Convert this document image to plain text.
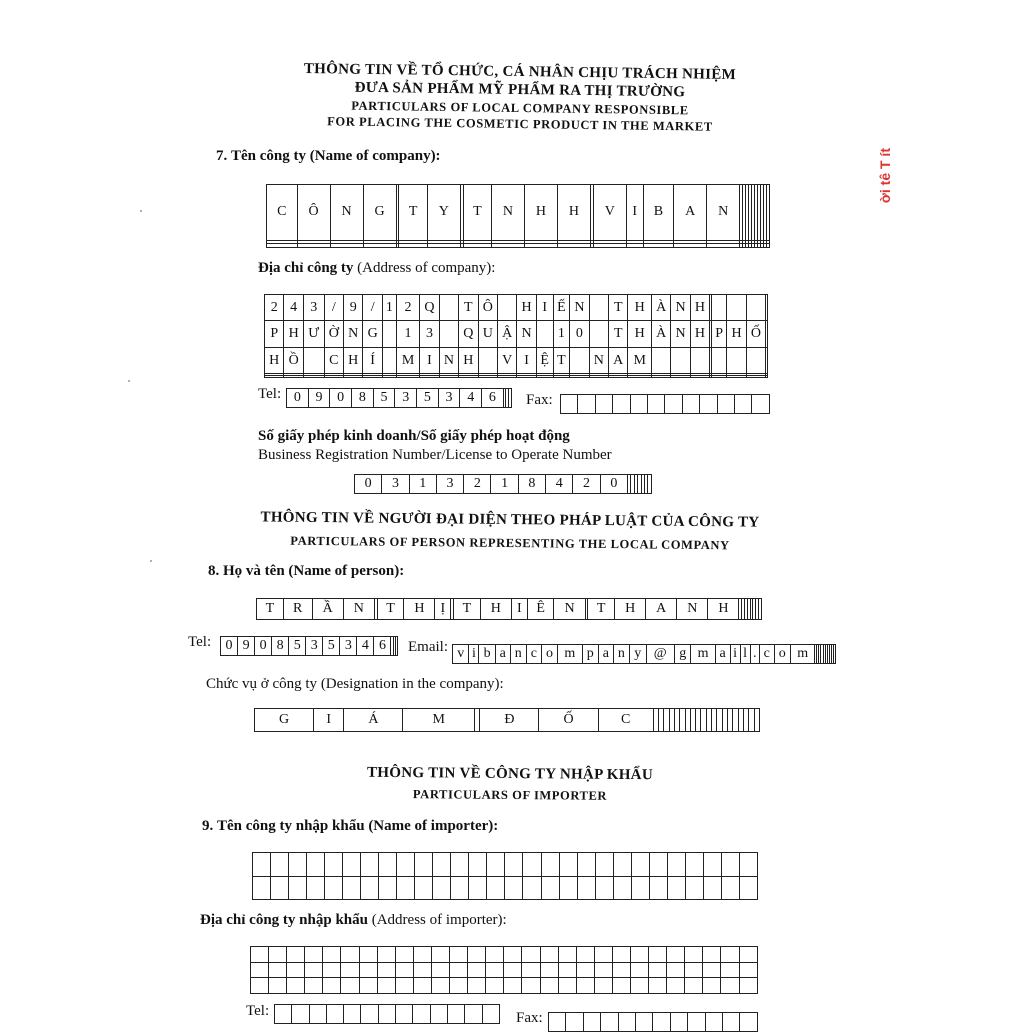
THÔNG TIN VỀ TỔ CHỨC, CÁ NHÂN CHỊU TRÁCH NHIỆM
ĐƯA SẢN PHẨM MỸ PHẨM RA THỊ TRƯỜNG
PARTICULARS OF LOCAL COMPANY RESPONSIBLE
FOR PLACING THE COSMETIC PRODUCT IN THE MARKET
7. Tên công ty (Name of company):
C	Ô	N	G		T	Y		T	N	H	H		V	I	B	A	N										

Địa chỉ công ty (Address of company):
2	4	3	/	9	/	1	2	Q		T	Ô		H	I	Ế	N		T	H	À	N	H					
P	H	Ư	Ờ	N	G		1	3		Q	U	Ậ	N		1	0		T	H	À	N	H		P	H	Ố	
H	Ồ		C	H	Í		M	I	N	H		V	I	Ệ	T		N	A	M								

Tel: 0	9	0	8	5	3	5	3	4	6			Fax:

Số giấy phép kinh doanh/Số giấy phép hoạt động
Business Registration Number/License to Operate Number
0	3	1	3	2	1	8	4	2	0							
THÔNG TIN VỀ NGƯỜI ĐẠI DIỆN THEO PHÁP LUẬT CỦA CÔNG TY
PARTICULARS OF PERSON REPRESENTING THE LOCAL COMPANY
8. Họ và tên (Name of person):
T	R	Ầ	N		T	H	Ị		T	H	I	Ê	N		T	H	A	N	H								
Tel: 0	9	0	8	5	3	5	3	4	6			Email: v	i	b	a	n	c	o	m	p	a	n	y	@	g	m	a	i	l	.	c	o	m										
Chức vụ ở công ty (Designation in the company):
G	I	Á	M		Đ	Ố	C																				
THÔNG TIN VỀ CÔNG TY NHẬP KHẨU
PARTICULARS OF IMPORTER
9. Tên công ty nhập khẩu (Name of importer):

Địa chỉ công ty nhập khẩu (Address of importer):

Tel:
													Fax:

ời tê T ít
